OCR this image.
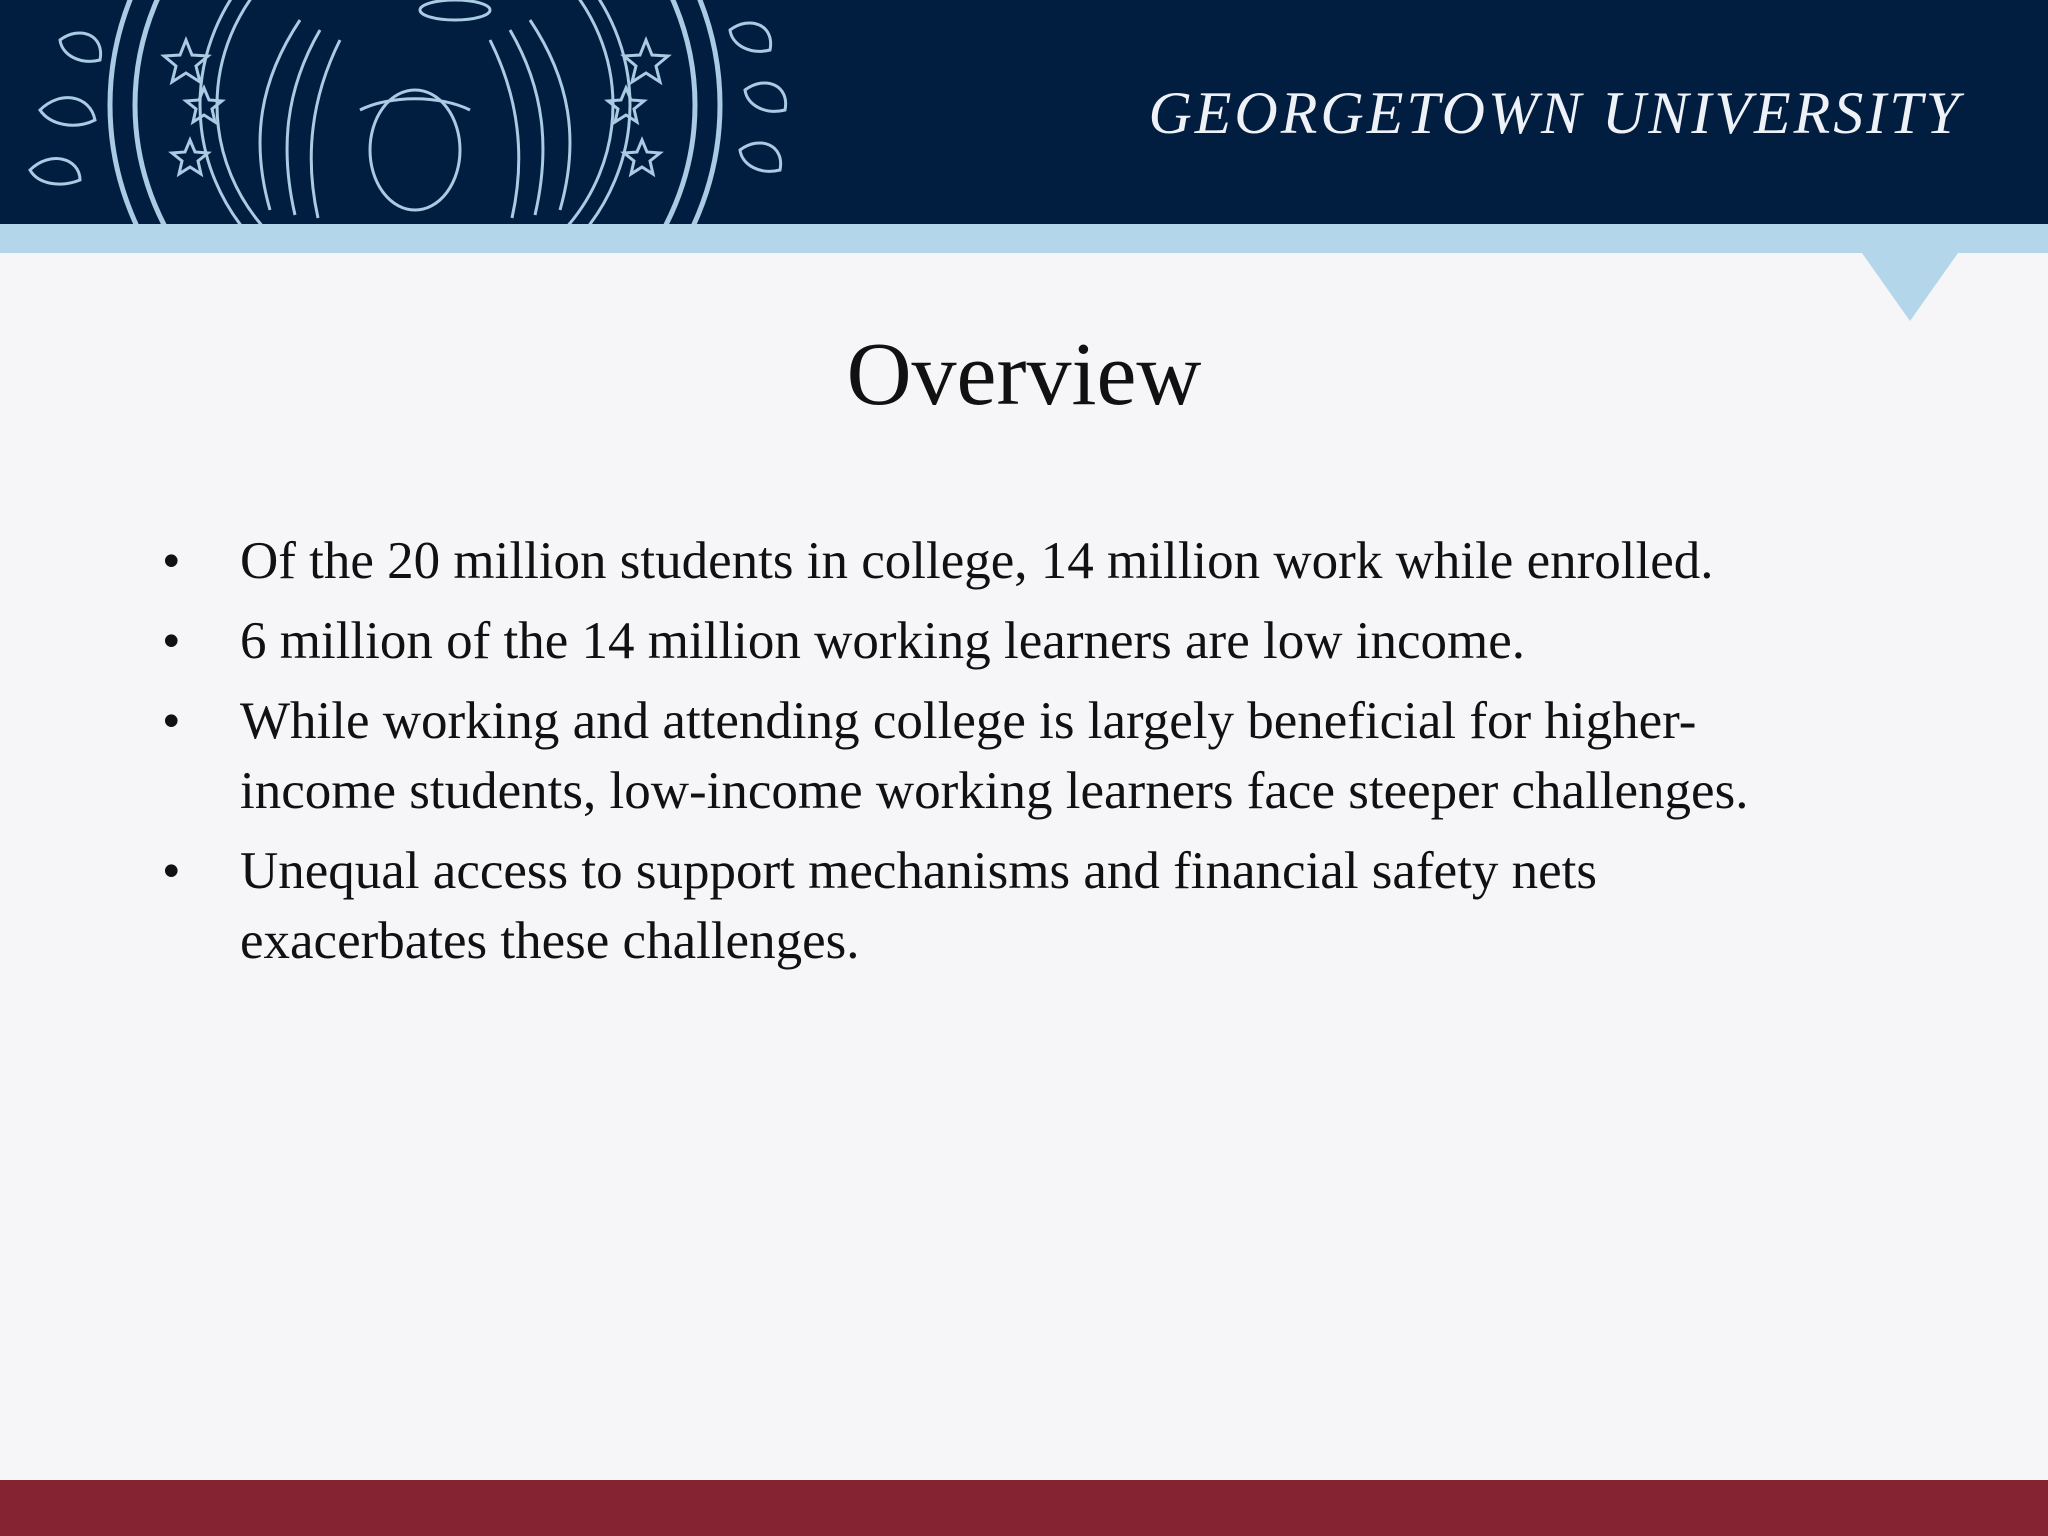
GEORGETOWN UNIVERSITY
Overview
•	Of the 20 million students in college, 14 million work while enrolled.
•	6 million of the 14 million working learners are low income.
•	While working and attending college is largely beneficial for higher-income students, low-income working learners face steeper challenges.
•	Unequal access to support mechanisms and financial safety nets exacerbates these challenges.
